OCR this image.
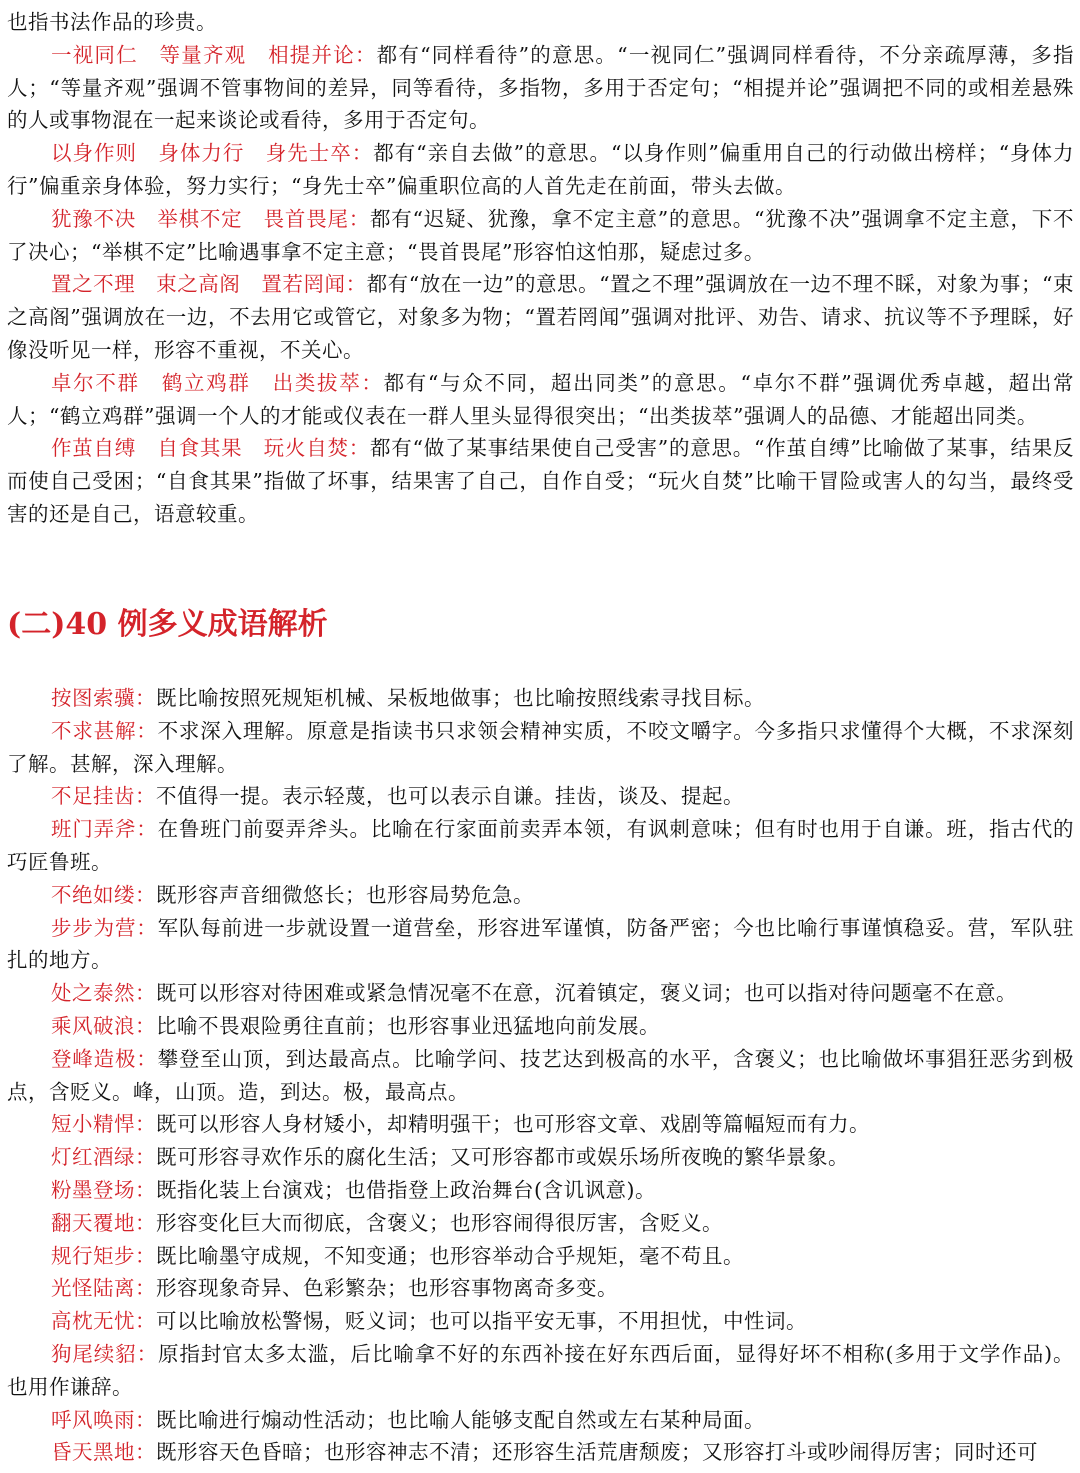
也指书法作品的珍贵。

一视同仁　等量齐观　相提并论：都有“同样看待”的意思。“一视同仁”强调同样看待，不分亲疏厚薄，多指人；“等量齐观”强调不管事物间的差异，同等看待，多指物，多用于否定句；“相提并论”强调把不同的或相差悬殊的人或事物混在一起来谈论或看待，多用于否定句。

以身作则　身体力行　身先士卒：都有“亲自去做”的意思。“以身作则”偏重用自己的行动做出榜样；“身体力行”偏重亲身体验，努力实行；“身先士卒”偏重职位高的人首先走在前面，带头去做。

犹豫不决　举棋不定　畏首畏尾：都有“迟疑、犹豫，拿不定主意”的意思。“犹豫不决”强调拿不定主意，下不了决心；“举棋不定”比喻遇事拿不定主意；“畏首畏尾”形容怕这怕那，疑虑过多。

置之不理　束之高阁　置若罔闻：都有“放在一边”的意思。“置之不理”强调放在一边不理不睬，对象为事；“束之高阁”强调放在一边，不去用它或管它，对象多为物；“置若罔闻”强调对批评、劝告、请求、抗议等不予理睬，好像没听见一样，形容不重视，不关心。

卓尔不群　鹤立鸡群　出类拔萃：都有“与众不同，超出同类”的意思。“卓尔不群”强调优秀卓越，超出常人；“鹤立鸡群”强调一个人的才能或仪表在一群人里头显得很突出；“出类拔萃”强调人的品德、才能超出同类。

作茧自缚　自食其果　玩火自焚：都有“做了某事结果使自己受害”的意思。“作茧自缚”比喻做了某事，结果反而使自己受困；“自食其果”指做了坏事，结果害了自己，自作自受；“玩火自焚”比喻干冒险或害人的勾当，最终受害的还是自己，语意较重。

(二)40 例多义成语解析

按图索骥：既比喻按照死规矩机械、呆板地做事；也比喻按照线索寻找目标。

不求甚解：不求深入理解。原意是指读书只求领会精神实质，不咬文嚼字。今多指只求懂得个大概，不求深刻了解。甚解，深入理解。

不足挂齿：不值得一提。表示轻蔑，也可以表示自谦。挂齿，谈及、提起。

班门弄斧：在鲁班门前耍弄斧头。比喻在行家面前卖弄本领，有讽刺意味；但有时也用于自谦。班，指古代的巧匠鲁班。

不绝如缕：既形容声音细微悠长；也形容局势危急。

步步为营：军队每前进一步就设置一道营垒，形容进军谨慎，防备严密；今也比喻行事谨慎稳妥。营，军队驻扎的地方。

处之泰然：既可以形容对待困难或紧急情况毫不在意，沉着镇定，褒义词；也可以指对待问题毫不在意。

乘风破浪：比喻不畏艰险勇往直前；也形容事业迅猛地向前发展。

登峰造极：攀登至山顶，到达最高点。比喻学问、技艺达到极高的水平，含褒义；也比喻做坏事猖狂恶劣到极点，含贬义。峰，山顶。造，到达。极，最高点。

短小精悍：既可以形容人身材矮小，却精明强干；也可形容文章、戏剧等篇幅短而有力。

灯红酒绿：既可形容寻欢作乐的腐化生活；又可形容都市或娱乐场所夜晚的繁华景象。

粉墨登场：既指化装上台演戏；也借指登上政治舞台(含讥讽意)。

翻天覆地：形容变化巨大而彻底，含褒义；也形容闹得很厉害，含贬义。

规行矩步：既比喻墨守成规，不知变通；也形容举动合乎规矩，毫不苟且。

光怪陆离：形容现象奇异、色彩繁杂；也形容事物离奇多变。

高枕无忧：可以比喻放松警惕，贬义词；也可以指平安无事，不用担忧，中性词。

狗尾续貂：原指封官太多太滥，后比喻拿不好的东西补接在好东西后面，显得好坏不相称(多用于文学作品)。也用作谦辞。

呼风唤雨：既比喻进行煽动性活动；也比喻人能够支配自然或左右某种局面。

昏天黑地：既形容天色昏暗；也形容神志不清；还形容生活荒唐颓废；又形容打斗或吵闹得厉害；同时还可
